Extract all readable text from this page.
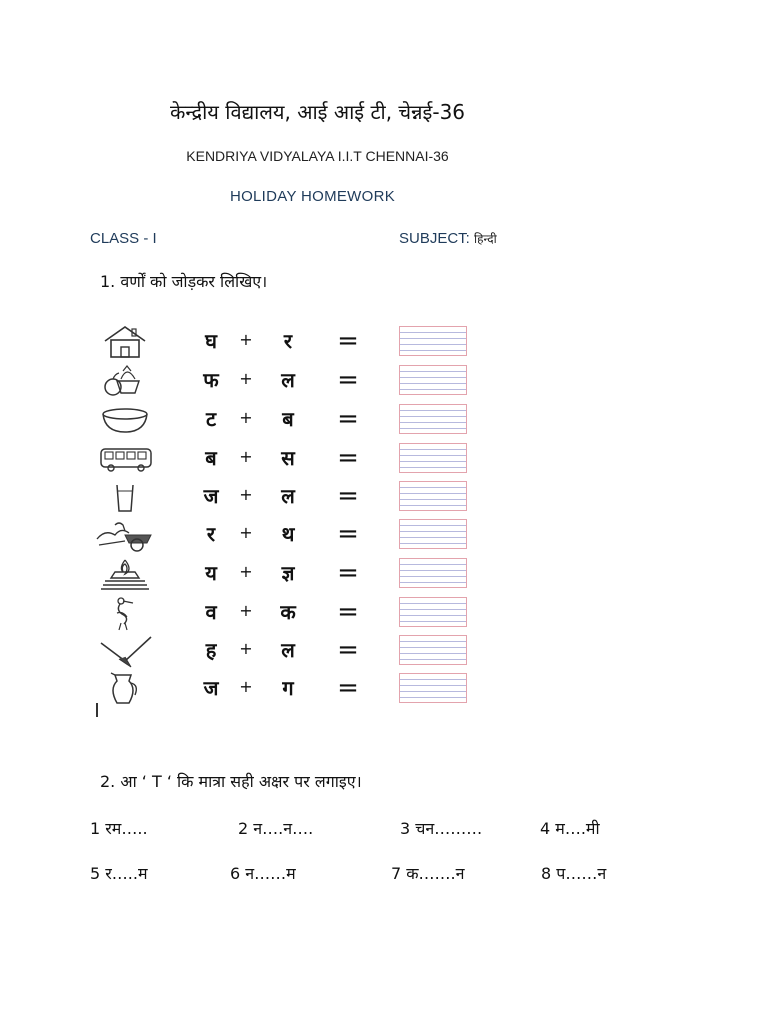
केन्द्रीय विद्यालय, आई आई टी, चेन्नई-36
KENDRIYA VIDYALAYA I.I.T CHENNAI-36
HOLIDAY HOMEWORK
CLASS - I	SUBJECT: हिन्दी
1. वर्णों को जोड़कर लिखिए।
घ	+	र	=
फ	+	ल =
ट	+	ब =
ब	+	स =
ज	+	ल =
र	+	थ =
य	+	ज्ञ =
व	+ क =
ह	+	ल =
ज	+	ग =
2. आ ‘ T ‘ कि मात्रा सही अक्षर पर लगाइए।
1 रम…..	2 न….न….	3 चन………	4 म….मी
5 र…..म	6 न……म	7 क…….न	8 प……न
